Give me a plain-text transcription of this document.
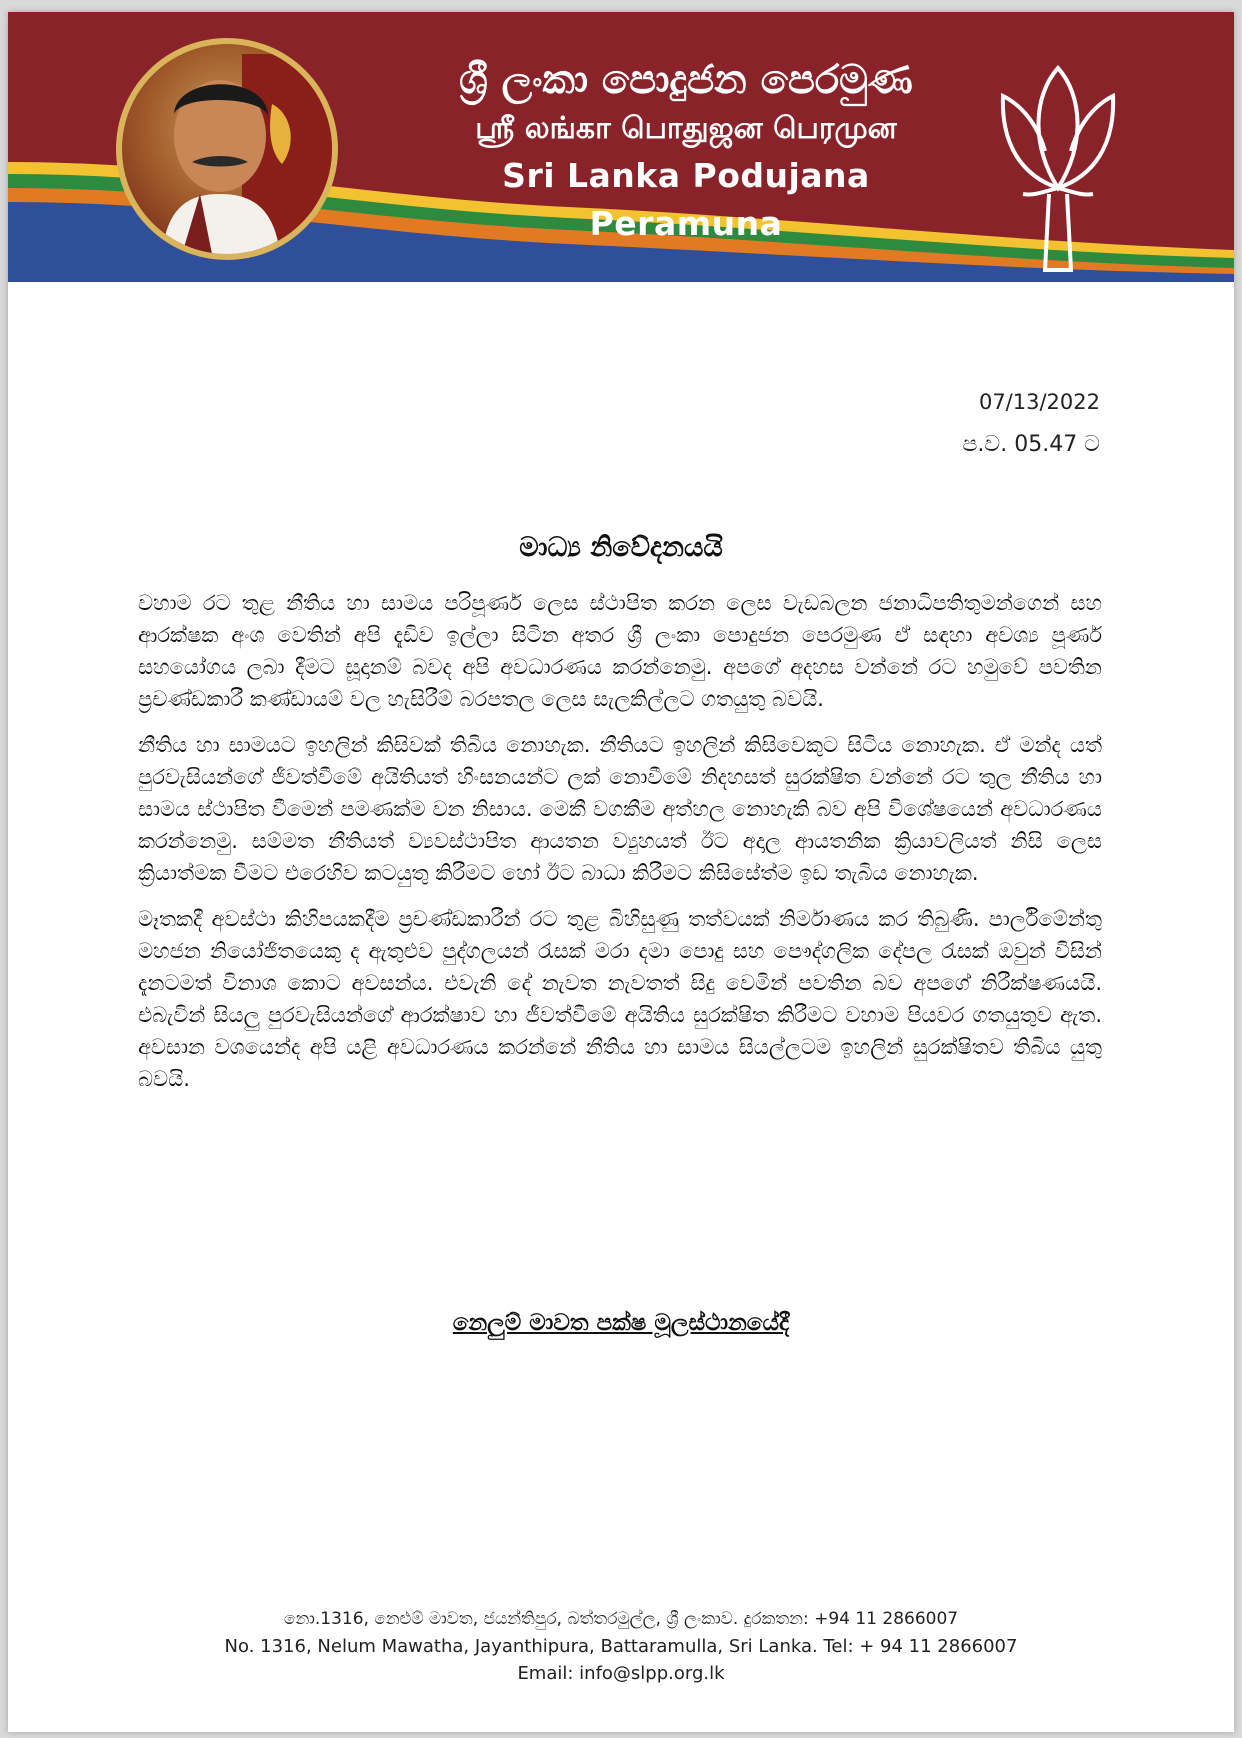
ශ්‍රී ලංකා පොදුජන පෙරමුණ
ஸ்ரீ லங்கா பொதுஜன பெரமுன
Sri Lanka Podujana Peramuna
07/13/2022
ප.ව. 05.47 ට
මාධ්‍ය නිවේදනයයි

වහාම රට තුළ නීතිය හා සාමය පරිපූර්ණ ලෙස ස්ථාපිත කරන ලෙස වැඩබලන ජනාධිපතිතුමන්ගෙන් සහ ආරක්ෂක අංශ වෙතින් අපි දැඩිව ඉල්ලා සිටින අතර ශ්‍රී ලංකා පොදුජන පෙරමුණ ඒ සඳහා අවශ්‍ය පූර්ණ සහයෝගය ලබා දීමට සූදානම් බවද අපි අවධාරණය කරන්නෙමු. අපගේ අදහස වන්නේ රට හමුවේ පවතින ප්‍රචණ්ඩකාරී කණ්ඩායම් වල හැසිරීම් බරපතල ලෙස සැලකිල්ලට ගතයුතු බවයි.

නීතිය හා සාමයට ඉහලින් කිසිවක් තිබිය නොහැක. නීතියට ඉහලින් කිසිවෙකුට සිටිය නොහැක. ඒ මන්ද යත් පුරවැසියන්ගේ ජීවත්වීමේ අයිතියත් හිංසනයන්ට ලක් නොවීමේ නිදහසත් සුරක්ෂිත වන්නේ රට තුල නීතිය හා සාමය ස්ථාපිත වීමෙන් පමණක්ම වන නිසාය. මෙකී වගකීම අත්හල නොහැකි බව අපි විශේෂයෙන් අවධාරණය කරන්නෙමු. සම්මත නීතියත් ව්‍යවස්ථාපිත ආයතන ව්‍යුහයත් ඊට අදාල ආයතනික ක්‍රියාවලියත් නිසි ලෙස ක්‍රියාත්මක වීමට එරෙහිව කටයුතු කිරීමට හෝ ඊට බාධා කිරීමට කිසිසේත්ම ඉඩ තැබිය නොහැක.

මෑතකදී අවස්ථා කිහිපයකදීම ප්‍රචණ්ඩකාරීන් රට තුළ බිහිසුණු තත්වයක් නිර්මාණය කර තිබුණි. පාර්ලිමේන්තු මහජන නියෝජිතයෙකු ද ඇතුළුව පුද්ගලයන් රැසක් මරා දමා පොදු සහ පෞද්ගලික දේපල රැසක් ඔවුන් විසින් දැනටමත් විනාශ කොට අවසන්ය. එවැනි දේ නැවත නැවතත් සිදු වෙමින් පවතින බව අපගේ නිරීක්ෂණයයි. එබැවින් සියලු පුරවැසියන්ගේ ආරක්ෂාව හා ජීවත්වීමේ අයිතිය සුරක්ෂිත කිරීමට වහාම පියවර ගතයුතුව ඇත. අවසාන වශයෙන්ද අපි යළි අවධාරණය කරන්නේ නීතිය හා සාමය සියල්ලටම ඉහලින් සුරක්ෂිතව තිබිය යුතු බවයි.

නෙලුම් මාවත පක්ෂ මූලස්ථානයේදී
නො.1316, නෙළුම් මාවත, ජයන්තිපුර, බත්තරමුල්ල, ශ්‍රී ලංකාව. දුරකතන: +94 11 2866007
No. 1316, Nelum Mawatha, Jayanthipura, Battaramulla, Sri Lanka. Tel: + 94 11 2866007
Email: info@slpp.org.lk
